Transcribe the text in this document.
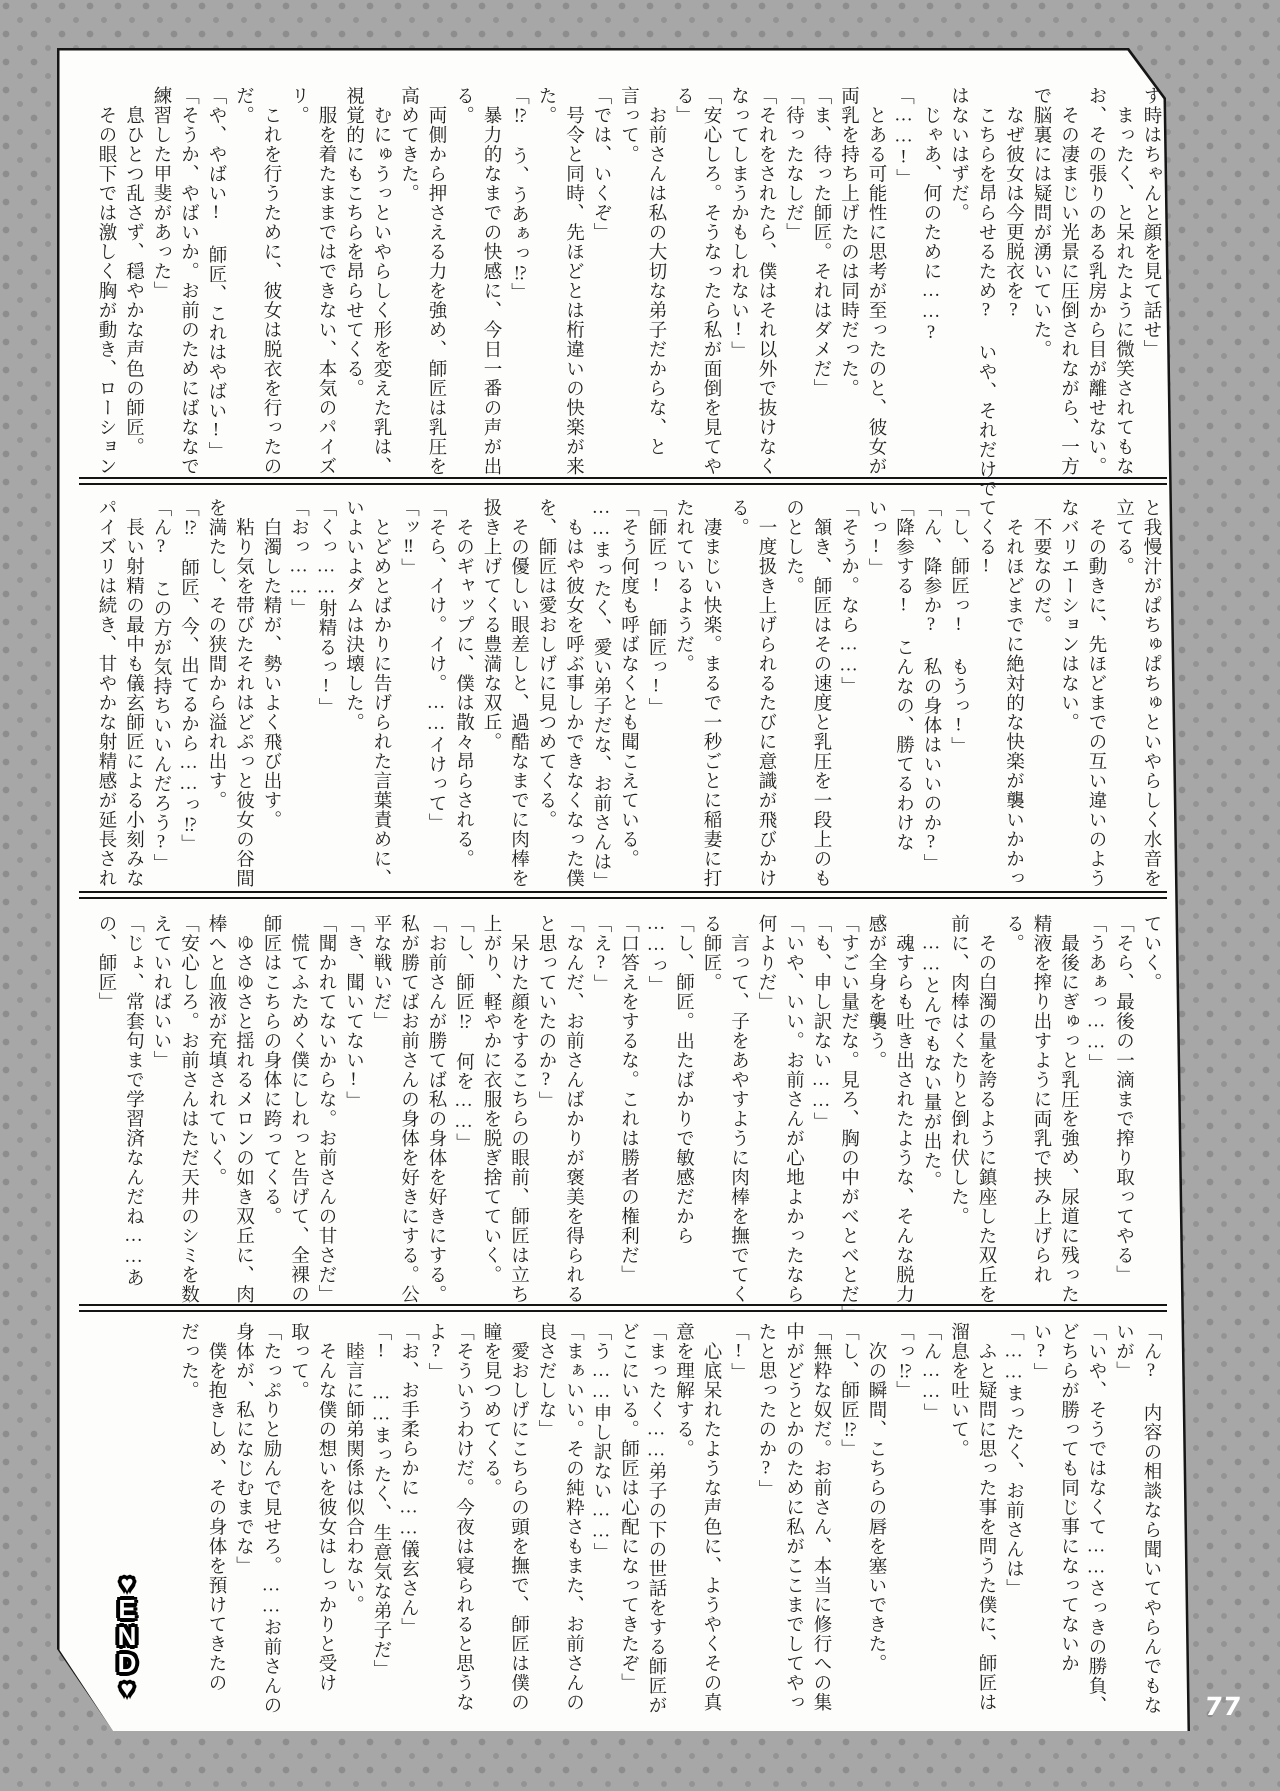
す時はちゃんと顔を見て話せ」
　まったく、と呆れたように微笑されてもな
お、その張りのある乳房から目が離せない。
　その凄まじい光景に圧倒されながら、一方
で脳裏には疑問が湧いていた。
　なぜ彼女は今更脱衣を?
　こちらを昂らせるため? いや、それだけで
はないはずだ。
　じゃあ、何のために……?
「……!」
　とある可能性に思考が至ったのと、彼女が
両乳を持ち上げたのは同時だった。
「ま、待った師匠。それはダメだ」
「待ったなしだ」
「それをされたら、僕はそれ以外で抜けなく
なってしまうかもしれない!」
「安心しろ。そうなったら私が面倒を見てや
る」
　お前さんは私の大切な弟子だからな、と
言って。
「では、いくぞ」
　号令と同時、先ほどとは桁違いの快楽が来
た。
「⁉ う、うあぁっ⁉」
　暴力的なまでの快感に、今日一番の声が出
る。
　両側から押さえる力を強め、師匠は乳圧を
高めてきた。
　むにゅうっといやらしく形を変えた乳は、
視覚的にもこちらを昂らせてくる。
　服を着たままではできない、本気のパイズ
リ。
　これを行うために、彼女は脱衣を行ったの
だ。
「や、やばい! 師匠、これはやばい!」
「そうか、やばいか。お前のためにばななで
練習した甲斐があった」
　息ひとつ乱さず、穏やかな声色の師匠。
　その眼下では激しく胸が動き、ローション
と我慢汁がぱちゅぱちゅといやらしく水音を
立てる。
　その動きに、先ほどまでの互い違いのよう
なバリエーションはない。
　不要なのだ。
　それほどまでに絶対的な快楽が襲いかかっ
てくる!
「し、師匠っ! もうっ!」
「ん、降参か? 私の身体はいいのか?」
「降参する! こんなの、勝てるわけな
いっ!」
「そうか。なら……」
　頷き、師匠はその速度と乳圧を一段上のも
のとした。
　一度扱き上げられるたびに意識が飛びかけ
る。
　凄まじい快楽。まるで一秒ごとに稲妻に打
たれているようだ。
「師匠っ! 師匠っ!」
「そう何度も呼ばなくとも聞こえている。
……まったく、愛い弟子だな、お前さんは」
　もはや彼女を呼ぶ事しかできなくなった僕
を、師匠は愛おしげに見つめてくる。
　その優しい眼差しと、過酷なまでに肉棒を
扱き上げてくる豊満な双丘。
　そのギャップに、僕は散々昂らされる。
「そら、イけ。イけ。……イけって」
「ッ‼」
　とどめとばかりに告げられた言葉責めに、
いよいよダムは決壊した。
「くっ……射精るっ!」
「おっ……」
　白濁した精が、勢いよく飛び出す。
　粘り気を帯びたそれはどぷっと彼女の谷間
を満たし、その狭間から溢れ出す。
「⁉ 師匠、今、出てるから……っ⁉」
「ん? この方が気持ちいいんだろう?」
　長い射精の最中も儀玄師匠による小刻みな
パイズリは続き、甘やかな射精感が延長され
ていく。
「そら、最後の一滴まで搾り取ってやる」
「うあぁっ……」
　最後にぎゅっと乳圧を強め、尿道に残った
精液を搾り出すように両乳で挟み上げられ
る。
　その白濁の量を誇るように鎮座した双丘を
前に、肉棒はくたりと倒れ伏した。
　……とんでもない量が出た。
　魂すらも吐き出されたような、そんな脱力
感が全身を襲う。
「すごい量だな。見ろ、胸の中がべとべとだ」
「も、申し訳ない……」
「いや、いい。お前さんが心地よかったなら
何よりだ」
　言って、子をあやすように肉棒を撫でてく
る師匠。
「し、師匠。出たばかりで敏感だから
……っ」
「口答えをするな。これは勝者の権利だ」
「え?」
「なんだ、お前さんばかりが褒美を得られる
と思っていたのか?」
　呆けた顔をするこちらの眼前、師匠は立ち
上がり、軽やかに衣服を脱ぎ捨てていく。
「し、師匠⁉ 何を……」
「お前さんが勝てば私の身体を好きにする。
私が勝てばお前さんの身体を好きにする。公
平な戦いだ」
「き、聞いてない!」
「聞かれてないからな。お前さんの甘さだ」
　慌てふためく僕にしれっと告げて、全裸の
師匠はこちらの身体に跨ってくる。
　ゆさゆさと揺れるメロンの如き双丘に、肉
棒へと血液が充填されていく。
「安心しろ。お前さんはただ天井のシミを数
えていればいい」
「じょ、常套句まで学習済なんだね……あ
の、師匠」
「ん? 内容の相談なら聞いてやらんでもな
いが」
「いや、そうではなくて……さっきの勝負、
どちらが勝っても同じ事になってないか
い?」
「……まったく、お前さんは」
　ふと疑問に思った事を問うた僕に、師匠は
溜息を吐いて。
「ん……」
「っ⁉」
　次の瞬間、こちらの唇を塞いできた。
「し、師匠⁉」
「無粋な奴だ。お前さん、本当に修行への集
中がどうとかのために私がここまでしてやっ
たと思ったのか?」
「!」
　心底呆れたような声色に、ようやくその真
意を理解する。
「まったく……弟子の下の世話をする師匠が
どこにいる。師匠は心配になってきたぞ」
「う……申し訳ない……」
「まぁいい。その純粋さもまた、お前さんの
良さだしな」
　愛おしげにこちらの頭を撫で、師匠は僕の
瞳を見つめてくる。
「そういうわけだ。今夜は寝られると思うな
よ?」
「お、お手柔らかに……儀玄さん」
「! ……まったく、生意気な弟子だ」
　睦言に師弟関係は似合わない。
　そんな僕の想いを彼女はしっかりと受け
取って。
「たっぷりと励んで見せろ。……お前さんの
身体が、私になじむまでな」
　僕を抱きしめ、その身体を預けてきたの
だった。
♥
E
N
D
♥
77
